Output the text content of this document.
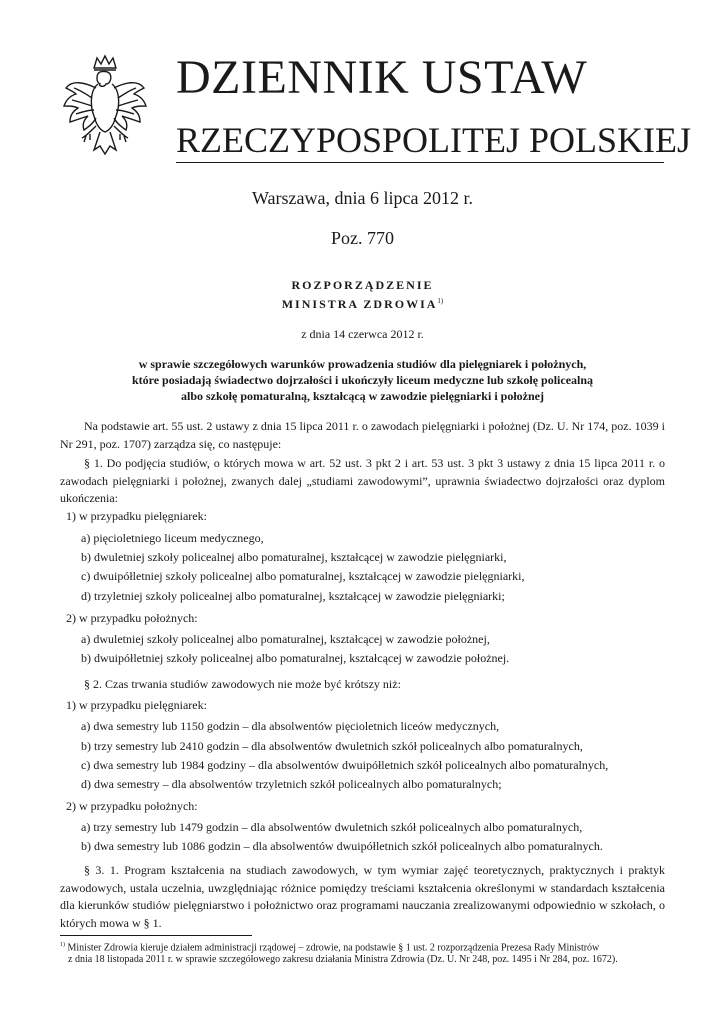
DZIENNIK USTAW
RZECZYPOSPOLITEJ POLSKIEJ
Warszawa, dnia 6 lipca 2012 r.
Poz. 770
ROZPORZĄDZENIE
MINISTRA ZDROWIA$^{1)}$
z dnia 14 czerwca 2012 r.
w sprawie szczegółowych warunków prowadzenia studiów dla pielęgniarek i położnych,
które posiadają świadectwo dojrzałości i ukończyły liceum medyczne lub szkołę policealną
albo szkołę pomaturalną, kształcącą w zawodzie pielęgniarki i położnej
Na podstawie art. 55 ust. 2 ustawy z dnia 15 lipca 2011 r. o zawodach pielęgniarki i położnej (Dz. U. Nr 174, poz. 1039 i Nr 291, poz. 1707) zarządza się, co następuje:
§ 1. Do podjęcia studiów, o których mowa w art. 52 ust. 3 pkt 2 i art. 53 ust. 3 pkt 3 ustawy z dnia 15 lipca 2011 r. o zawodach pielęgniarki i położnej, zwanych dalej „studiami zawodowymi”, uprawnia świadectwo dojrzałości oraz dyplom ukończenia:
1) w przypadku pielęgniarek:
a) pięcioletniego liceum medycznego,
b) dwuletniej szkoły policealnej albo pomaturalnej, kształcącej w zawodzie pielęgniarki,
c) dwuipółletniej szkoły policealnej albo pomaturalnej, kształcącej w zawodzie pielęgniarki,
d) trzyletniej szkoły policealnej albo pomaturalnej, kształcącej w zawodzie pielęgniarki;
2) w przypadku położnych:
a) dwuletniej szkoły policealnej albo pomaturalnej, kształcącej w zawodzie położnej,
b) dwuipółletniej szkoły policealnej albo pomaturalnej, kształcącej w zawodzie położnej.
§ 2. Czas trwania studiów zawodowych nie może być krótszy niż:
1) w przypadku pielęgniarek:
a) dwa semestry lub 1150 godzin – dla absolwentów pięcioletnich liceów medycznych,
b) trzy semestry lub 2410 godzin – dla absolwentów dwuletnich szkół policealnych albo pomaturalnych,
c) dwa semestry lub 1984 godziny – dla absolwentów dwuipółletnich szkół policealnych albo pomaturalnych,
d) dwa semestry – dla absolwentów trzyletnich szkół policealnych albo pomaturalnych;
2) w przypadku położnych:
a) trzy semestry lub 1479 godzin – dla absolwentów dwuletnich szkół policealnych albo pomaturalnych,
b) dwa semestry lub 1086 godzin – dla absolwentów dwuipółletnich szkół policealnych albo pomaturalnych.
§ 3. 1. Program kształcenia na studiach zawodowych, w tym wymiar zajęć teoretycznych, praktycznych i praktyk zawodowych, ustala uczelnia, uwzględniając różnice pomiędzy treściami kształcenia określonymi w standardach kształcenia dla kierunków studiów pielęgniarstwo i położnictwo oraz programami nauczania zrealizowanymi odpowiednio w szkołach, o których mowa w § 1.
$^{1)}$ Minister Zdrowia kieruje działem administracji rządowej – zdrowie, na podstawie § 1 ust. 2 rozporządzenia Prezesa Rady Ministrów
z dnia 18 listopada 2011 r. w sprawie szczegółowego zakresu działania Ministra Zdrowia (Dz. U. Nr 248, poz. 1495 i Nr 284, poz. 1672).
